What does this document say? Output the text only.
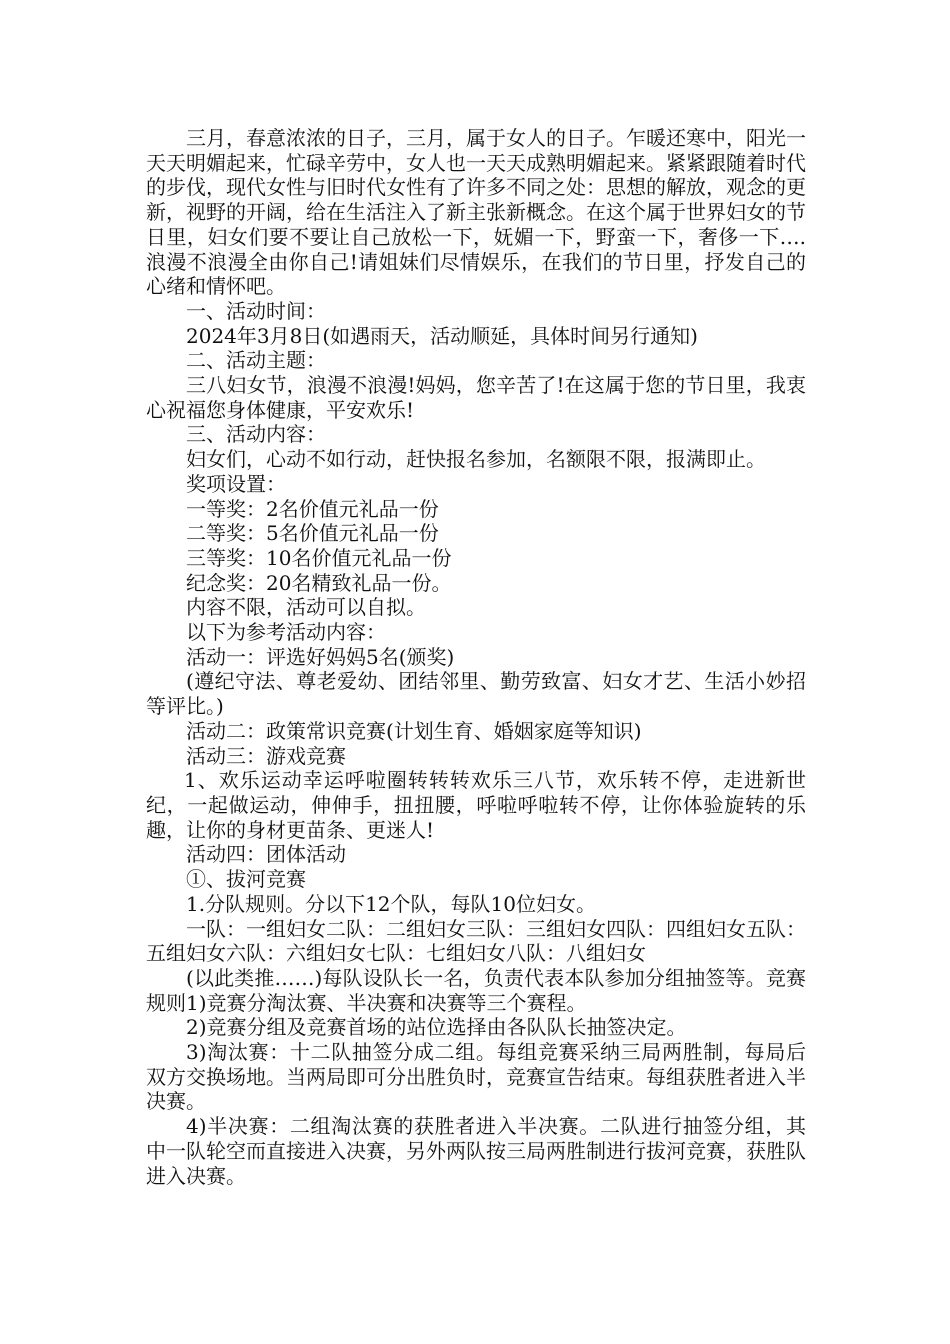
三月，春意浓浓的日子，三月，属于女人的日子。乍暖还寒中，阳光一天天明媚起来，忙碌辛劳中，女人也一天天成熟明媚起来。紧紧跟随着时代的步伐，现代女性与旧时代女性有了许多不同之处：思想的解放，观念的更新，视野的开阔，给在生活注入了新主张新概念。在这个属于世界妇女的节日里，妇女们要不要让自己放松一下，妩媚一下，野蛮一下，奢侈一下….浪漫不浪漫全由你自己!请姐妹们尽情娱乐，在我们的节日里，抒发自己的心绪和情怀吧。

一、活动时间：

2024年3月8日(如遇雨天，活动顺延，具体时间另行通知)

二、活动主题：

三八妇女节，浪漫不浪漫!妈妈，您辛苦了!在这属于您的节日里，我衷心祝福您身体健康，平安欢乐!

三、活动内容：

妇女们，心动不如行动，赶快报名参加，名额限不限，报满即止。

奖项设置：

一等奖：2名价值元礼品一份

二等奖：5名价值元礼品一份

三等奖：10名价值元礼品一份

纪念奖：20名精致礼品一份。

内容不限，活动可以自拟。

以下为参考活动内容：

活动一：评选好妈妈5名(颁奖)

(遵纪守法、尊老爱幼、团结邻里、勤劳致富、妇女才艺、生活小妙招等评比。)

活动二：政策常识竞赛(计划生育、婚姻家庭等知识)

活动三：游戏竞赛

1、欢乐运动幸运呼啦圈转转转欢乐三八节，欢乐转不停，走进新世纪，一起做运动，伸伸手，扭扭腰，呼啦呼啦转不停，让你体验旋转的乐趣，让你的身材更苗条、更迷人!

活动四：团体活动

①、拔河竞赛

1.分队规则。分以下12个队，每队10位妇女。

一队：一组妇女二队：二组妇女三队：三组妇女四队：四组妇女五队：五组妇女六队：六组妇女七队：七组妇女八队：八组妇女

(以此类推……)每队设队长一名，负责代表本队参加分组抽签等。竞赛规则1)竞赛分淘汰赛、半决赛和决赛等三个赛程。

2)竞赛分组及竞赛首场的站位选择由各队队长抽签决定。

3)淘汰赛：十二队抽签分成二组。每组竞赛采纳三局两胜制，每局后双方交换场地。当两局即可分出胜负时，竞赛宣告结束。每组获胜者进入半决赛。

4)半决赛：二组淘汰赛的获胜者进入半决赛。二队进行抽签分组，其中一队轮空而直接进入决赛，另外两队按三局两胜制进行拔河竞赛，获胜队进入决赛。
